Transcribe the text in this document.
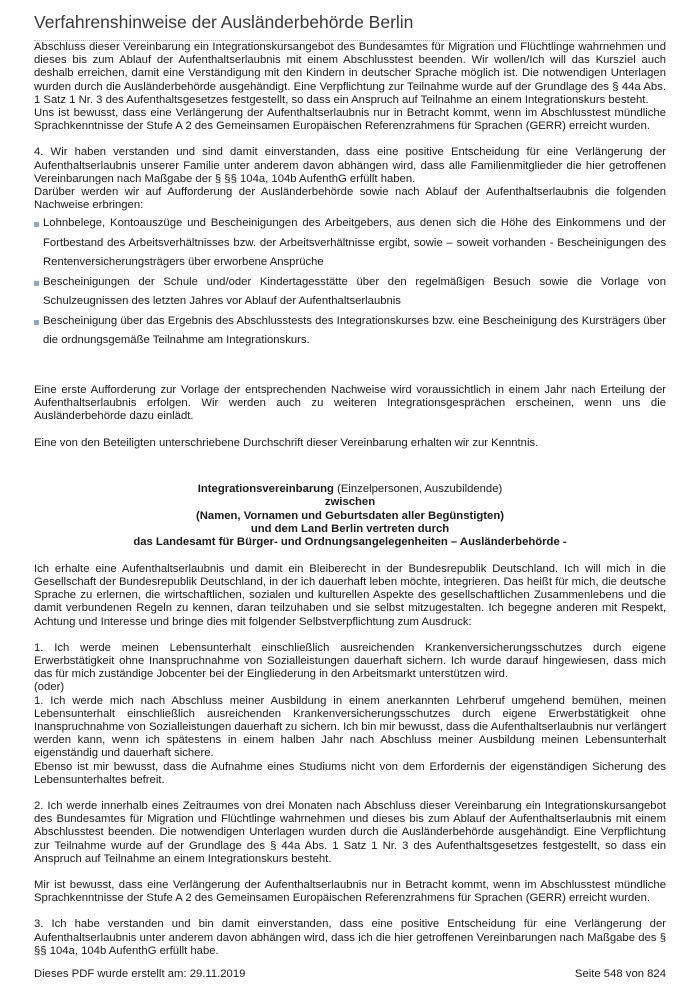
Verfahrenshinweise der Ausländerbehörde Berlin

Abschluss dieser Vereinbarung ein Integrationskursangebot des Bundesamtes für Migration und Flüchtlinge wahrnehmen und dieses bis zum Ablauf der Aufenthaltserlaubnis mit einem Abschlusstest beenden. Wir wollen/Ich will das Kursziel auch deshalb erreichen, damit eine Verständigung mit den Kindern in deutscher Sprache möglich ist. Die notwendigen Unterlagen wurden durch die Ausländerbehörde ausgehändigt. Eine Verpflichtung zur Teilnahme wurde auf der Grundlage des § 44a Abs. 1 Satz 1 Nr. 3 des Aufenthaltsgesetzes festgestellt, so dass ein Anspruch auf Teilnahme an einem Integrationskurs besteht.

Uns ist bewusst, dass eine Verlängerung der Aufenthaltserlaubnis nur in Betracht kommt, wenn im Abschlusstest mündliche Sprachkenntnisse der Stufe A 2 des Gemeinsamen Europäischen Referenzrahmens für Sprachen (GERR) erreicht wurden.

4. Wir haben verstanden und sind damit einverstanden, dass eine positive Entscheidung für eine Verlängerung der Aufenthaltserlaubnis unserer Familie unter anderem davon abhängen wird, dass alle Familienmitglieder die hier getroffenen Vereinbarungen nach Maßgabe der § §§ 104a, 104b AufenthG erfüllt haben.

Darüber werden wir auf Aufforderung der Ausländerbehörde sowie nach Ablauf der Aufenthaltserlaubnis die folgenden Nachweise erbringen:

Lohnbelege, Kontoauszüge und Bescheinigungen des Arbeitgebers, aus denen sich die Höhe des Einkommens und der Fortbestand des Arbeitsverhältnisses bzw. der Arbeitsverhältnisse ergibt, sowie – soweit vorhanden - Bescheinigungen des Rentenversicherungsträgers über erworbene Ansprüche
Bescheinigungen der Schule und/oder Kindertagesstätte über den regelmäßigen Besuch sowie die Vorlage von Schulzeugnissen des letzten Jahres vor Ablauf der Aufenthaltserlaubnis
Bescheinigung über das Ergebnis des Abschlusstests des Integrationskurses bzw. eine Bescheinigung des Kursträgers über die ordnungsgemäße Teilnahme am Integrationskurs.

Eine erste Aufforderung zur Vorlage der entsprechenden Nachweise wird voraussichtlich in einem Jahr nach Erteilung der Aufenthaltserlaubnis erfolgen. Wir werden auch zu weiteren Integrationsgesprächen erscheinen, wenn uns die Ausländerbehörde dazu einlädt.

Eine von den Beteiligten unterschriebene Durchschrift dieser Vereinbarung erhalten wir zur Kenntnis.

Integrationsvereinbarung (Einzelpersonen, Auszubildende)
zwischen
(Namen, Vornamen und Geburtsdaten aller Begünstigten)
und dem Land Berlin vertreten durch
das Landesamt für Bürger- und Ordnungsangelegenheiten – Ausländerbehörde -

Ich erhalte eine Aufenthaltserlaubnis und damit ein Bleiberecht in der Bundesrepublik Deutschland. Ich will mich in die Gesellschaft der Bundesrepublik Deutschland, in der ich dauerhaft leben möchte, integrieren. Das heißt für mich, die deutsche Sprache zu erlernen, die wirtschaftlichen, sozialen und kulturellen Aspekte des gesellschaftlichen Zusammenlebens und die damit verbundenen Regeln zu kennen, daran teilzuhaben und sie selbst mitzugestalten. Ich begegne anderen mit Respekt, Achtung und Interesse und bringe dies mit folgender Selbstverpflichtung zum Ausdruck:

1. Ich werde meinen Lebensunterhalt einschließlich ausreichenden Krankenversicherungsschutzes durch eigene Erwerbstätigkeit ohne Inanspruchnahme von Sozialleistungen dauerhaft sichern. Ich wurde darauf hingewiesen, dass mich das für mich zuständige Jobcenter bei der Eingliederung in den Arbeitsmarkt unterstützen wird.

(oder)

1. Ich werde mich nach Abschluss meiner Ausbildung in einem anerkannten Lehrberuf umgehend bemühen, meinen Lebensunterhalt einschließlich ausreichenden Krankenversicherungsschutzes durch eigene Erwerbstätigkeit ohne Inanspruchnahme von Sozialleistungen dauerhaft zu sichern. Ich bin mir bewusst, dass die Aufenthaltserlaubnis nur verlängert werden kann, wenn ich spätestens in einem halben Jahr nach Abschluss meiner Ausbildung meinen Lebensunterhalt eigenständig und dauerhaft sichere.

Ebenso ist mir bewusst, dass die Aufnahme eines Studiums nicht von dem Erfordernis der eigenständigen Sicherung des Lebensunterhaltes befreit.

2. Ich werde innerhalb eines Zeitraumes von drei Monaten nach Abschluss dieser Vereinbarung ein Integrationskursangebot des Bundesamtes für Migration und Flüchtlinge wahrnehmen und dieses bis zum Ablauf der Aufenthaltserlaubnis mit einem Abschlusstest beenden. Die notwendigen Unterlagen wurden durch die Ausländerbehörde ausgehändigt. Eine Verpflichtung zur Teilnahme wurde auf der Grundlage des § 44a Abs. 1 Satz 1 Nr. 3 des Aufenthaltsgesetzes festgestellt, so dass ein Anspruch auf Teilnahme an einem Integrationskurs besteht.

Mir ist bewusst, dass eine Verlängerung der Aufenthaltserlaubnis nur in Betracht kommt, wenn im Abschlusstest mündliche Sprachkenntnisse der Stufe A 2 des Gemeinsamen Europäischen Referenzrahmens für Sprachen (GERR) erreicht wurden.

3. Ich habe verstanden und bin damit einverstanden, dass eine positive Entscheidung für eine Verlängerung der Aufenthaltserlaubnis unter anderem davon abhängen wird, dass ich die hier getroffenen Vereinbarungen nach Maßgabe des § §§ 104a, 104b AufenthG erfüllt habe.

Dieses PDF wurde erstellt am: 29.11.2019	Seite 548 von 824
